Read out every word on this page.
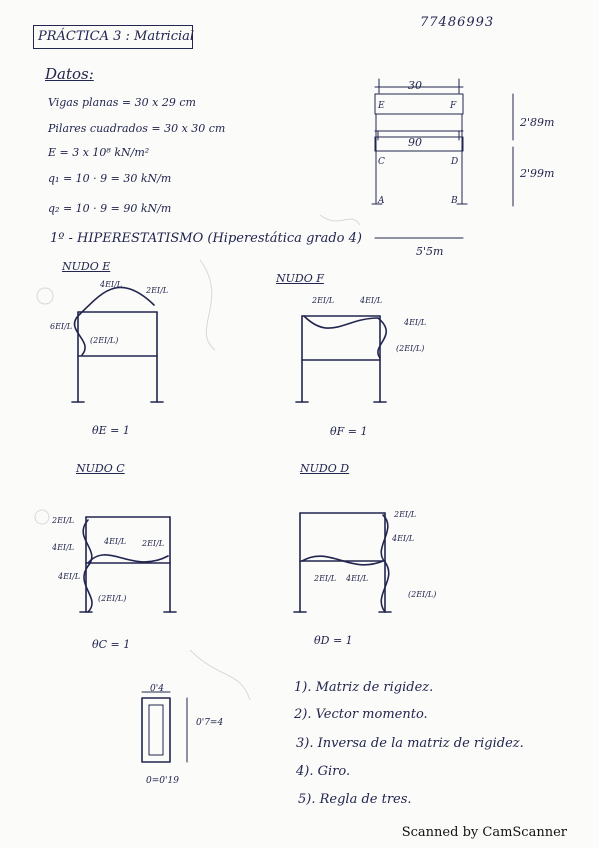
PRÁCTICA 3 : Matricial
77486993
Datos:
Vigas planas = 30 x 29 cm
Pilares cuadrados = 30 x 30 cm
E = 3 x 10⁸ kN/m²
q₁ = 10 · 9 = 30 kN/m
q₂ = 10 · 9 = 90 kN/m
1º - HIPERESTATISMO (Hiperestática grado 4)
30
90
2'89m
2'99m
5'5m
E	F
C	D
A	B
NUDO E
θE = 1
4EI/L
2EI/L
6EI/L
(2EI/L)
NUDO F
θF = 1
2EI/L	4EI/L
4EI/L
(2EI/L)
NUDO C
θC = 1
2EI/L
4EI/L
4EI/L 2EI/L
4EI/L
(2EI/L)
NUDO D
θD = 1
2EI/L
4EI/L
2EI/L 4EI/L
(2EI/L)
0'4
0'7=4
0=0'19
1). Matriz de rigidez.
2). Vector momento.
3). Inversa de la matriz de rigidez.
4). Giro.
5). Regla de tres.
Scanned by CamScanner
